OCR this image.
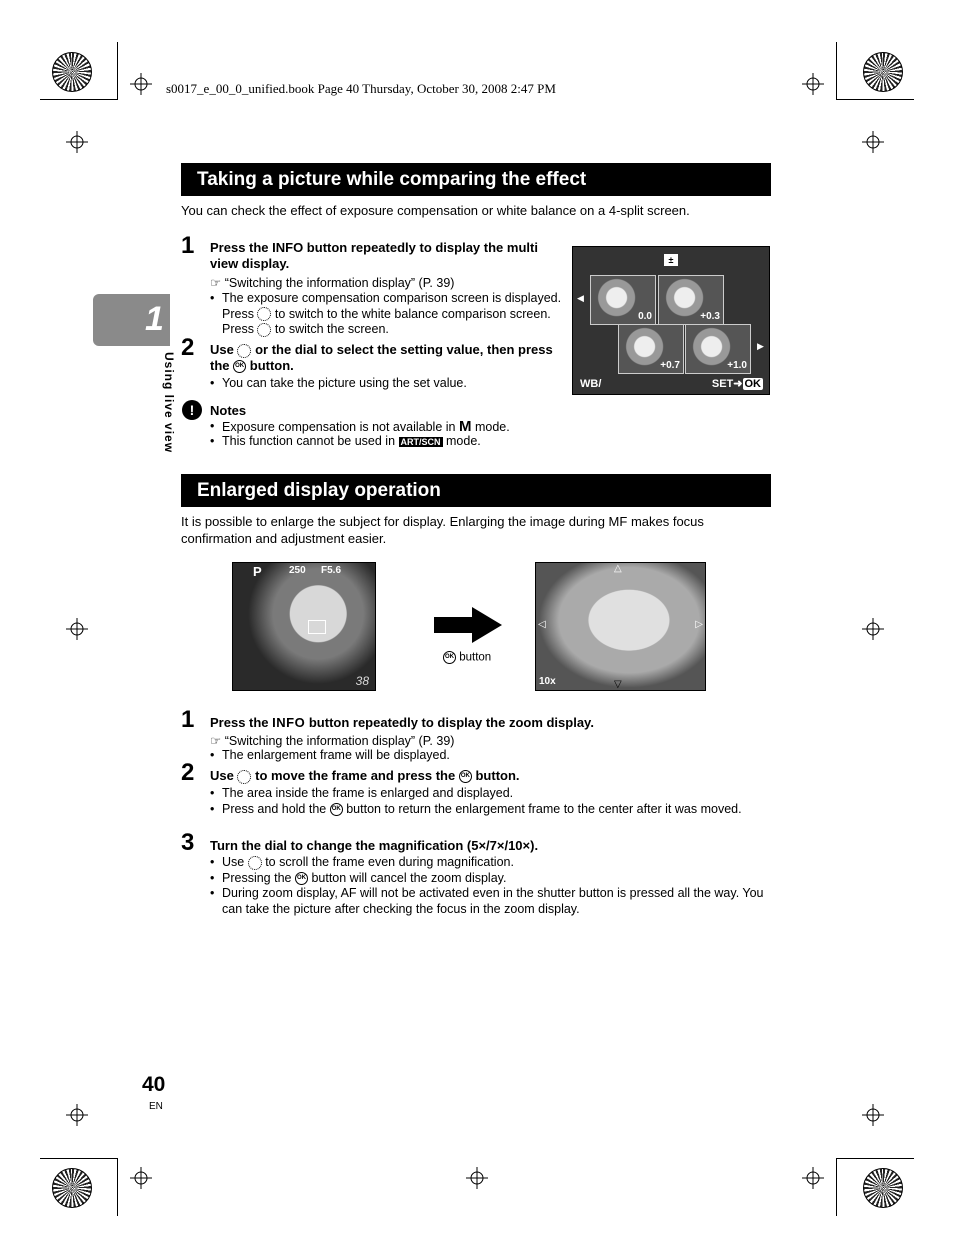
s0017_e_00_0_unified.book Page 40 Thursday, October 30, 2008 2:47 PM
1
Using live view
Taking a picture while comparing the effect
You can check the effect of exposure compensation or white balance on a 4-split screen.
1 Press the INFO button repeatedly to display the multi view display.
☞ “Switching the information display” (P. 39)
• The exposure compensation comparison screen is displayed. Press to switch to the white balance comparison screen. Press to switch the screen.
2 Use or the dial to select the setting value, then press the OK button.
• You can take the picture using the set value.
!	Notes
• Exposure compensation is not available in M mode.
• This function cannot be used in ART/SCN mode.
±
◀
▶
0.0	+0.3
+0.7	+1.0
WB/	SET➜ OK
Enlarged display operation
It is possible to enlarge the subject for display. Enlarging the image during MF makes focus confirmation and adjustment easier.
P	250 F5.6
38
OK button
△
◁	▷
▽
10x
1 Press the INFO button repeatedly to display the zoom display.
☞ “Switching the information display” (P. 39)
• The enlargement frame will be displayed.
2 Use to move the frame and press the OK button.
• The area inside the frame is enlarged and displayed.
• Press and hold the OK button to return the enlargement frame to the center after it was moved.
3 Turn the dial to change the magnification (5×/7×/10×).
• Use to scroll the frame even during magnification.
• Pressing the OK button will cancel the zoom display.
• During zoom display, AF will not be activated even in the shutter button is pressed all the way. You can take the picture after checking the focus in the zoom display.
40
EN
